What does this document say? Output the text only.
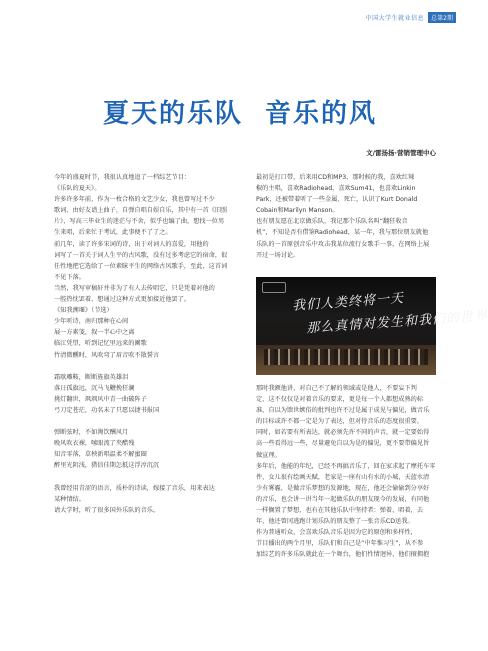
中国大学生就业信息	总第2期
夏天的乐队  音乐的风
文/雷扬扬·营销管理中心

今年的盛夏时节，我很认真地追了一档综艺节目：

《乐队的夏天》。

许多许多年前，作为一枚合格的文艺少女，我也曾写过不少

歌词、由好友谱上曲子，自弹自唱自娱自乐，其中有一首《旧照

片》，写高三毕业生的迷茫与不舍，似乎也编了曲，想找一位男

生来唱，后来忙于考试，此事便不了了之。

前几年，读了许多宋词的诗，出于对词人的喜爱，用他的

词写了一首关于词人生平的古风歌，没有过多考虑它的宿命，很

任性地把它选给了一位素昧平生的网络古风歌手，至此，这首词

不见下落。

当然，我写审稿轩并非为了有人去传唱它，只是凭着对他的

一腔热忱罢着，想通过这种方式更加接近他罢了。

《知我溯堰》（节选）

少年听诗，南归那种在心间

展一方素笺，叙一半心中之离

临江凭望，听到记忆里远来的阑歌

竹清微醺时，风吹弯了眉音吹不散誓言

霜歇雕鞍，断断旌旗英雄泪

落日孤旗远，沉马飞鞭挽狂澜

挑灯翻世，飒飒风中青一曲破阵子

弓刀定苍茫，功名未了只愿以捷书报国

弹断弦时，不如淘饮酬风月

晚风吹衣裸，嗦眼流了夹醋残

知音零落，草秧新唱温柔不解蜜圈

醉里光阴浅，猎信佳期怎抵这浮淳沉沉

我曾经用青涩的语言，质朴的诗读，嫁接了音乐，用来表达

某种情结。

请大学时，听了很多国外乐队的音乐。

最初是打口带，后来用CD和MP3，那时候的我，喜欢红辣

椒的主唱，喜欢Radiohead，喜欢Sum41，也喜欢Linkin

Park，还被带着听了一些金属、死亡，认识了Kurt Donald

Cobain和Marilyn Manson。

也有朋友愿在北京做乐队，我记那个乐队名叫“翻狂收音

机”，不知是否有借鉴Radiohead，某一年，我与那位朋友就他

乐队的一首原创音乐中攻击我某位流行女歌手一事，在网络上展

开过一场讨论。

我们人类终将一天
那么真情对发生和我们的世界

那时我额他讲，对自己不了解的领域或是他人，不要妄下判

定，这不仅仅是对着音乐的要求，更是每一个人都想成熟的标

准，自以为馈世嫉俗的批判也许不过是属于成见与偏见，做音乐

的目标或许不都一定是为了表达，但对待音乐的态度很重要，

同时，如若要有所表达，就必须先许不同的声音，就一定要始得

高一些看得远一些，尽量避免自以为是的偏见，更不要带偏见旨

做宣理。

多年后，他能的年纪，已经不再搞音乐了，回在家求起了摩托车零

件，女儿很有绘画天赋，老家是一座有山有水的小城，天蓝水清

少有雾霾，是做音乐梦想的发源地，现在，他还会偷偷到分享好

的音乐，也会讲一讲当年一起做乐队的朋友现今的发展，有同他

一样搁置了梦想，也有在其他乐队中坚持者：弹着，唱着，去

年，他还曾冈逃跑计划乐队的朋友整了一张音乐CD送我。

作为普通听众，会喜欢乐队音乐是因为它的原创和多样性，

节目播出的两个月里，乐队们和自己是“中年惟习生”，从不参

加综艺的许多乐队就此在一个舞台，他们性情迥异，他们擅拥抱
